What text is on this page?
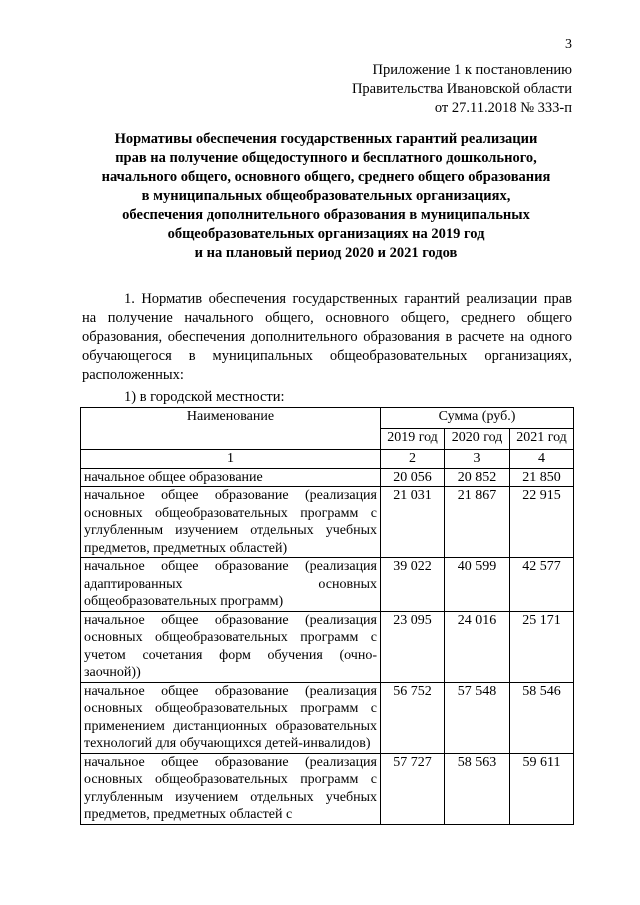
3
Приложение 1 к постановлению
Правительства Ивановской области
от 27.11.2018 № 333-п
Нормативы обеспечения государственных гарантий реализации
прав на получение общедоступного и бесплатного дошкольного,
начального общего, основного общего, среднего общего образования
в муниципальных общеобразовательных организациях,
обеспечения дополнительного образования в муниципальных
общеобразовательных организациях на 2019 год
и на плановый период 2020 и 2021 годов

1. Норматив обеспечения государственных гарантий реализации прав на получение начального общего, основного общего, среднего общего образования, обеспечения дополнительного образования в расчете на одного обучающегося в муниципальных общеобразовательных организациях, расположенных:

1) в городской местности:
Наименование	Сумма (руб.)		
	2019 год	2020 год	2021 год
1	2	3	4
начальное общее образование	20 056	20 852	21 850
начальное общее образование (реализация основных общеобразовательных программ с углубленным изучением отдельных учебных предметов, предметных областей)	21 031	21 867	22 915
начальное общее образование (реализация адаптированных основных общеобразовательных программ)	39 022	40 599	42 577
начальное общее образование (реализация основных общеобразовательных программ с учетом сочетания форм обучения (очно-заочной))	23 095	24 016	25 171
начальное общее образование (реализация основных общеобразовательных программ с применением дистанционных образовательных технологий для обучающихся детей-инвалидов)	56 752	57 548	58 546
начальное общее образование (реализация основных общеобразовательных программ с углубленным изучением отдельных учебных предметов, предметных областей с	57 727	58 563	59 611
